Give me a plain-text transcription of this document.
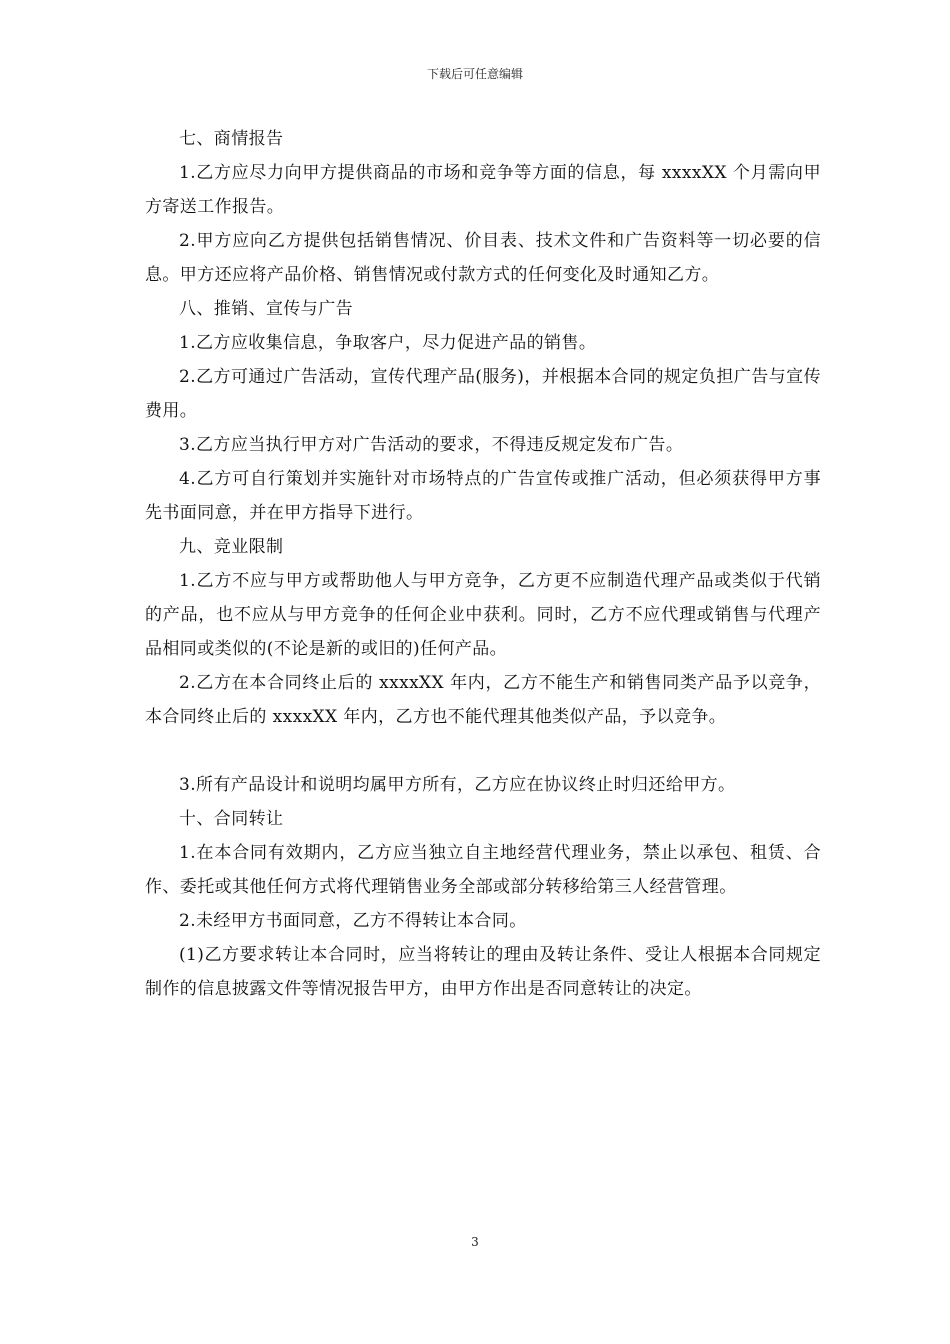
下载后可任意编辑

七、商情报告

1.乙方应尽力向甲方提供商品的市场和竞争等方面的信息，每 xxxxXX 个月需向甲方寄送工作报告。

2.甲方应向乙方提供包括销售情况、价目表、技术文件和广告资料等一切必要的信息。甲方还应将产品价格、销售情况或付款方式的任何变化及时通知乙方。

八、推销、宣传与广告

1.乙方应收集信息，争取客户，尽力促进产品的销售。

2.乙方可通过广告活动，宣传代理产品(服务)，并根据本合同的规定负担广告与宣传费用。

3.乙方应当执行甲方对广告活动的要求，不得违反规定发布广告。

4.乙方可自行策划并实施针对市场特点的广告宣传或推广活动，但必须获得甲方事先书面同意，并在甲方指导下进行。

九、竞业限制

1.乙方不应与甲方或帮助他人与甲方竞争，乙方更不应制造代理产品或类似于代销的产品，也不应从与甲方竞争的任何企业中获利。同时，乙方不应代理或销售与代理产品相同或类似的(不论是新的或旧的)任何产品。

2.乙方在本合同终止后的 xxxxXX 年内，乙方不能生产和销售同类产品予以竞争，本合同终止后的 xxxxXX 年内，乙方也不能代理其他类似产品，予以竞争。

3.所有产品设计和说明均属甲方所有，乙方应在协议终止时归还给甲方。

十、合同转让

1.在本合同有效期内，乙方应当独立自主地经营代理业务，禁止以承包、租赁、合作、委托或其他任何方式将代理销售业务全部或部分转移给第三人经营管理。

2.未经甲方书面同意，乙方不得转让本合同。

(1)乙方要求转让本合同时，应当将转让的理由及转让条件、受让人根据本合同规定制作的信息披露文件等情况报告甲方，由甲方作出是否同意转让的决定。

3
